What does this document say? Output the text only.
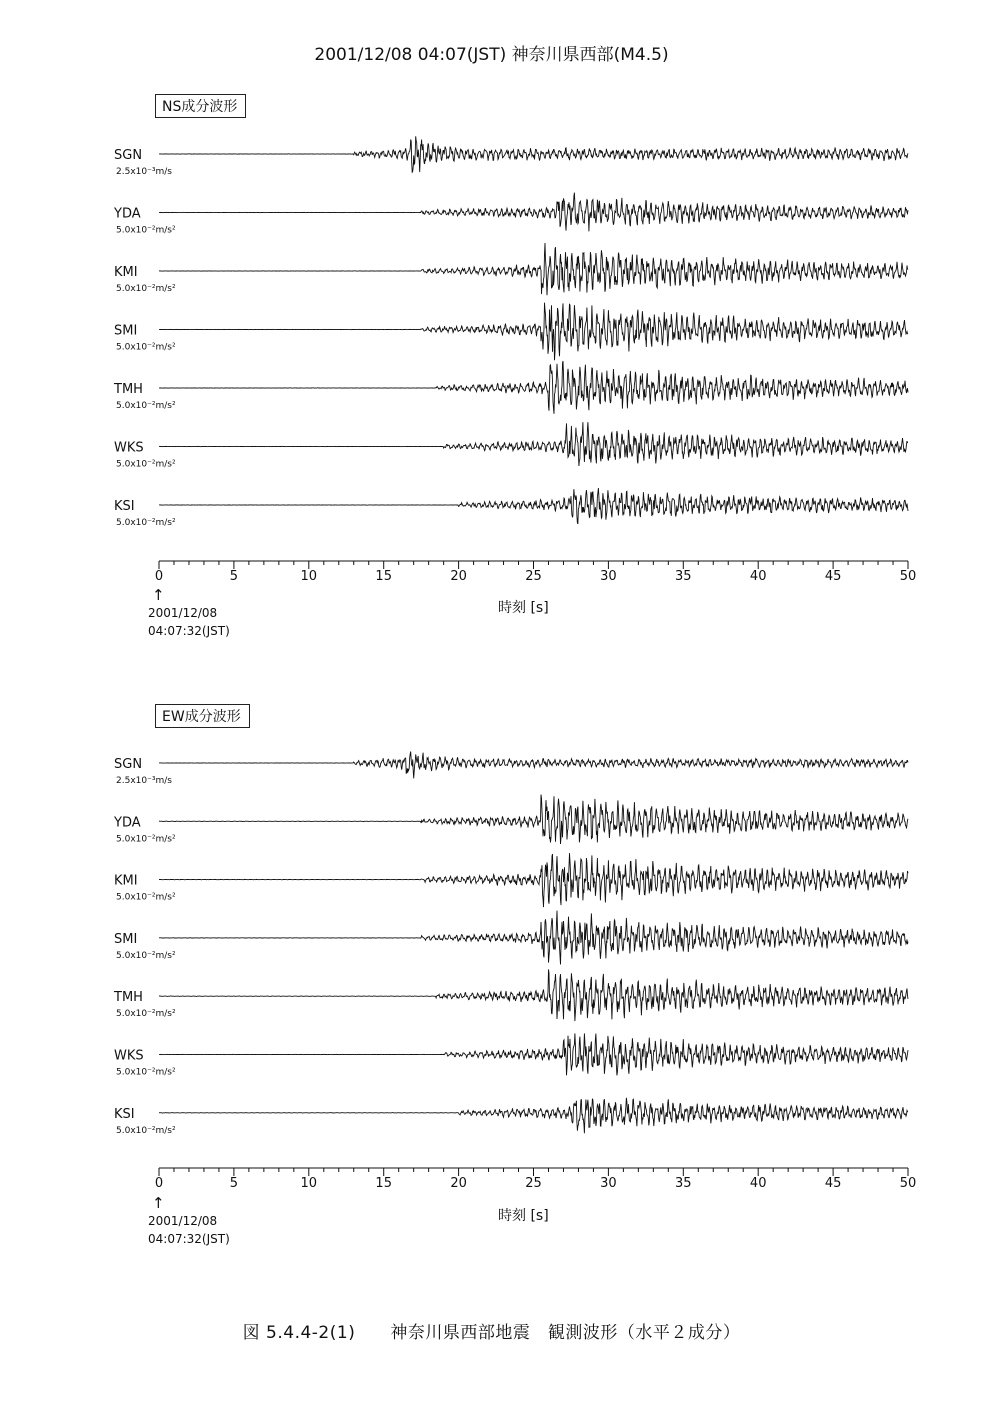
2001/12/08 04:07(JST) 神奈川県西部(M4.5)
NS成分波形
時刻 [s]
↑
2001/12/08
04:07:32(JST)
EW成分波形
時刻 [s]
↑
2001/12/08
04:07:32(JST)
図 5.4.4-2(1)　　神奈川県西部地震　観測波形（水平２成分）
SGN
2.5x10⁻³m/s
YDA
5.0x10⁻²m/s²
KMI
5.0x10⁻²m/s²
SMI
5.0x10⁻²m/s²
TMH
5.0x10⁻²m/s²
WKS
5.0x10⁻²m/s²
KSI
5.0x10⁻²m/s²
0	5	10	15	20	25	30	35	40	45	50
SGN
2.5x10⁻³m/s
YDA
5.0x10⁻²m/s²
KMI
5.0x10⁻²m/s²
SMI
5.0x10⁻²m/s²
TMH
5.0x10⁻²m/s²
WKS
5.0x10⁻²m/s²
KSI
5.0x10⁻²m/s²
0	5	10	15	20	25	30	35	40	45	50
